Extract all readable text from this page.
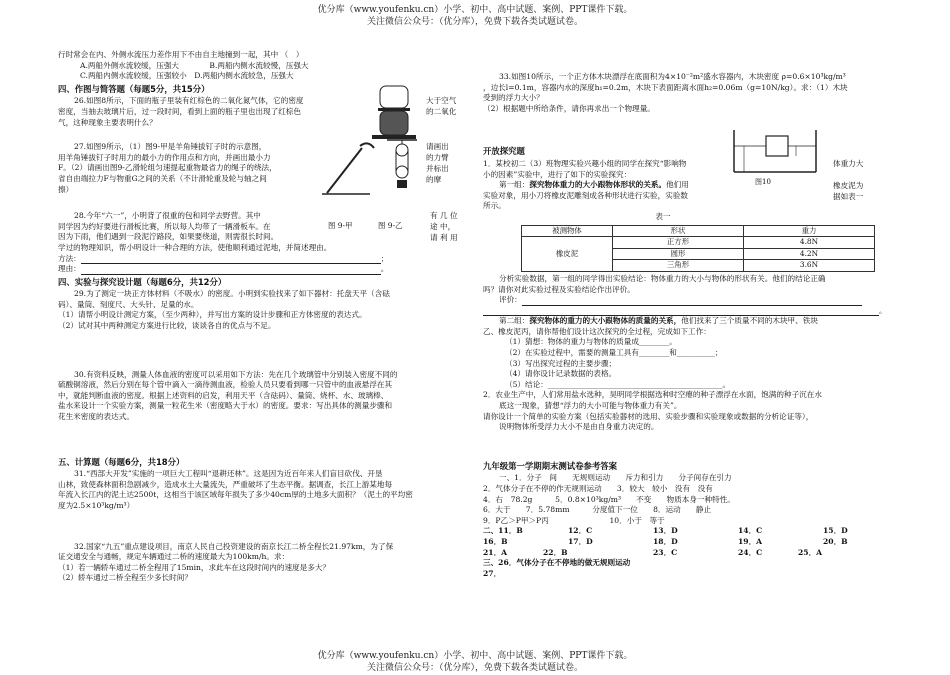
优分库（www.youfenku.cn）小学、初中、高中试题、案例、PPT课件下载。
关注微信公众号：（优分库），免费下载各类试题试卷。

行时常会在内、外侧水流压力差作用下不由自主地撞到一起，其中 （　）

A.两船外侧水流较缓，压强大    	B.两船内侧水流较慢，压强大

C.两船内侧水流较缓，压强较小  D.两船内侧水流较急，压强大

四、作图与简答题（每题5分，共15分）

26.如图8所示，下面的瓶子里装有红棕色的二氧化氮气体，它的密度

密度，当抽去玻璃片后，过一段时间，看到上面的瓶子里也出现了红棕色

气，这种现象主要表明什么？

大于空气
的二氧化

27.如图9所示，（1）图9-甲是羊角锤拔钉子时的示意图，

用羊角锤拔钉子时用力的最小力的作用点和方向，并画出最小力

F。（2）请画出图9-乙滑轮组匀速提起重物最省力的绳子的绕法，

省自由端拉力F与物重G之间的关系（不计滑轮重及轮与轴之间

擦）

请画出
的力臂
并标出
的摩

28.今年“六一”，小明背了很重的包和同学去野营。其中

同学因为约好要进行滑板比赛，所以每人均带了一辆滑板车。在

因为下雨，他们遇到一段泥泞路段，如果要绕道，则需很长时间。

学过的物理知识，帮小明设计一种合理的方法，使他顺利通过泥地，并简述理由。

图 9-甲	图 9-乙
有 几 位
途 中，
请 利 用

方法：	；

理由：	。

四、实验与探究设计题（每题6分，共12分）

29.为了测定一块正方体材料（不吸水）的密度。小明到实验找来了如下器材：托盘天平（含砝

码）、量筒、刻度尺、大头针、足量的水。

（1）请帮小明设计测定方案，（至少两种），并写出方案的设计步骤和正方体密度的表达式。

（2）试对其中两种测定方案进行比较，谈谈各自的优点与不足。

30.有资料反映，测量人体血液的密度可以采用如下方法：先在几个玻璃管中分别装入密度不同的

硫酸铜溶液，然后分别在每个管中滴入一滴待测血液，检验人员只要看到哪一只管中的血液悬浮在其

中，就能判断血液的密度。根据上述资料的启发，利用天平（含砝码）、量筒、烧杯、水、玻璃棒、

盐水来设计一个实验方案，测量一粒花生米（密度略大于水）的密度。要求：写出具体的测量步骤和

花生米密度的表达式。

五、计算题（每题6分，共18分）

31.“西部大开发”实施的一项巨大工程叫“退耕还林”。这是因为近百年来人们盲目砍伐、开垦

山林，致使森林面积急剧减少，造成水土大量流失，严重破坏了生态平衡。据调查，长江上游某地每

年流入长江内的泥土达2500t，这相当于该区域每年损失了多少40cm厚的土地多大面积？（泥土的平均密

度为2.5×10³kg/m³）

32.国家“九五”重点建设项目，南京人民自己投资建设的南京长江二桥全程长21.97km，为了保

证交通安全与通畅，规定车辆通过二桥的速度最大为100km/h。求：

（1）若一辆轿车通过二桥全程用了15min，求此车在这段时间内的速度是多大？

（2）轿车通过二桥全程至少多长时间？

33.如图10所示，一个正方体木块漂浮在底面积为4×10⁻²m²盛水容器内，木块密度 ρ=0.6×10³kg/m³

，边长l=0.1m，容器内水的深度h₁=0.2m，木块下表面距离水面h₂=0.06m（g=10N/kg）。求：（1）木块

受到的浮力大小？

（2）根据题中所给条件，请你再求出一个物理量。

开放探究题

1．某校初二（3）班物理实验兴趣小组的同学在探究“影响物

小的因素”实验中，进行了如下的实验探究：

第一组：探究物体重力的大小跟物体形状的关系。他们用

实验对象，用小刀将橡皮泥雕刻成各种形状进行实验，实验数

所示。

体重力大
橡皮泥为
据如表一
图10

表一

被测物体	形状	重力
橡皮泥	正方形	4.8N
	圆形	4.2N
	三角形	3.6N

分析实验数据，第一组的同学得出实验结论：物体重力的大小与物体的形状有关。他们的结论正确

吗？请你对此实验过程及实验结论作出评价。

评价：

。

第二组：探究物体的重力的大小跟物体的质量的关系，他们找来了三个质量不同的木块甲、铁块

乙、橡皮泥丙，请你帮他们设计这次探究的全过程，完成如下工作：

（1）猜想：物体的重力与物体的质量成________。

（2）在实验过程中，需要的测量工具有________和__________；

（3）写出探究过程的主要步骤；

（4）请你设计记录数据的表格。

（5）结论：______________________________________________。

2．农业生产中，人们常用盐水选种，昊明同学根据选种时空瘪的种子漂浮在水面，饱满的种子沉在水

底这一现象，猜想“浮力的大小可能与物体重力有关”。

请你设计一个简单的实验方案（包括实验器材的选用、实验步骤和实验现象或数据的分析论证等），

说明物体所受浮力大小不是由自身重力决定的。

九年级第一学期期末测试卷参考答案

一、1．分子　间　　无规则运动　　斥力和引力　　分子间存在引力

2．气体分子在不停的作无规则运动　　3．较大　较小　没有　没有

4．右　78.2g　　　5．0.8×10³kg/m³　　不变　　物质本身一种特性。

6．大于　　7．5.78mm　　　分度值下一位　　8．运动　　静止

9．P乙＞P甲＞P丙　　　　　　　　10．小于　等于

二、11．B	12．C	13．D	14．C	15．D

16．B	17．D	18．D	19．A	20．B

21．A	22．B	23．C	24．C	25．A

三、26．气体分子在不停地的做无规则运动

27．

优分库（www.youfenku.cn）小学、初中、高中试题、案例、PPT课件下载。
关注微信公众号：（优分库），免费下载各类试题试卷。
